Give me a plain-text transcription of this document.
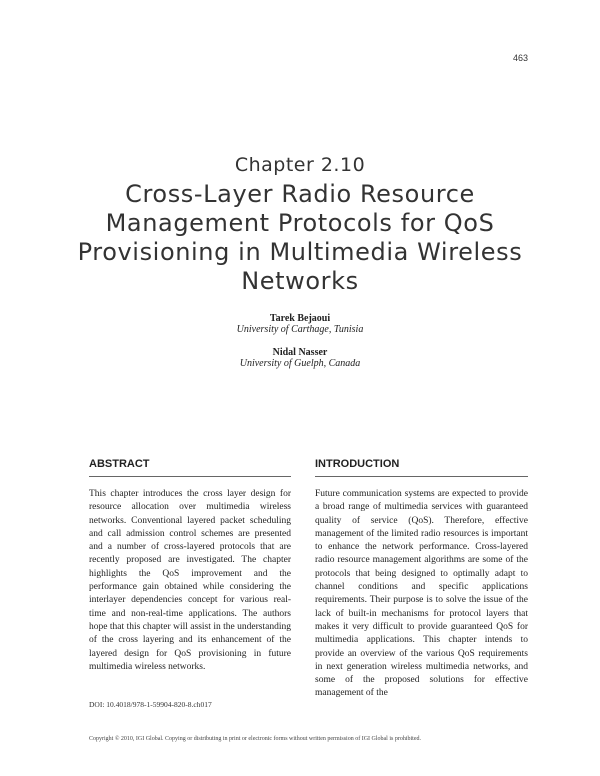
463
Chapter 2.10
Cross-Layer Radio Resource Management Protocols for QoS Provisioning in Multimedia Wireless Networks
Tarek Bejaoui
University of Carthage, Tunisia
Nidal Nasser
University of Guelph, Canada
ABSTRACT

This chapter introduces the cross layer design for resource allocation over multimedia wireless networks. Conventional layered packet scheduling and call admission control schemes are presented and a number of cross-layered protocols that are recently proposed are investigated. The chapter highlights the QoS improvement and the performance gain obtained while considering the interlayer dependencies concept for various real-time and non-real-time applications. The authors hope that this chapter will assist in the understanding of the cross layering and its enhancement of the layered design for QoS provisioning in future multimedia wireless networks.

DOI: 10.4018/978-1-59904-820-8.ch017
INTRODUCTION

Future communication systems are expected to provide a broad range of multimedia services with guaranteed quality of service (QoS). Therefore, effective management of the limited radio resources is important to enhance the network performance. Cross-layered radio resource management algorithms are some of the protocols that being designed to optimally adapt to channel conditions and specific applications requirements. Their purpose is to solve the issue of the lack of built-in mechanisms for protocol layers that makes it very difficult to provide guaranteed QoS for multimedia applications. This chapter intends to provide an overview of the various QoS requirements in next generation wireless multimedia networks, and some of the proposed solutions for effective management of the

Copyright © 2010, IGI Global. Copying or distributing in print or electronic forms without written permission of IGI Global is prohibited.
